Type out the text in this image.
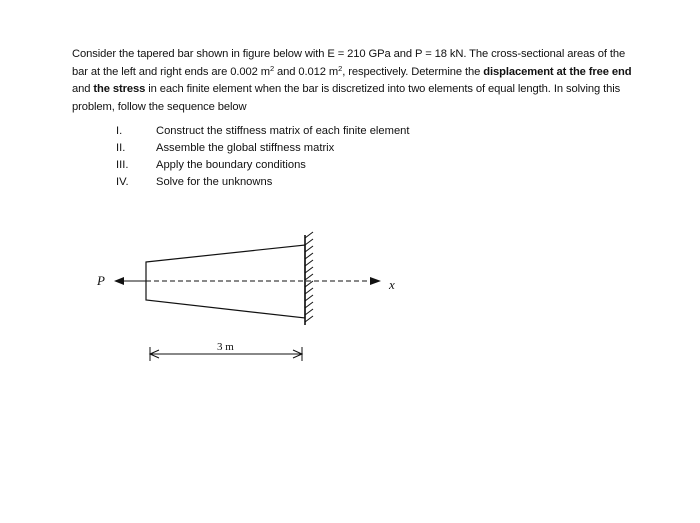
Consider the tapered bar shown in figure below with E = 210 GPa and P = 18 kN. The cross-sectional areas of the bar at the left and right ends are 0.002 $m^2$ and 0.012 $m^2$, respectively. Determine the displacement at the free end and the stress in each finite element when the bar is discretized into two elements of equal length. In solving this problem, follow the sequence below

I.	Construct the stiffness matrix of each finite element
II.	Assemble the global stiffness matrix
III.	Apply the boundary conditions
IV.	Solve for the unknowns
P	x
3 m
